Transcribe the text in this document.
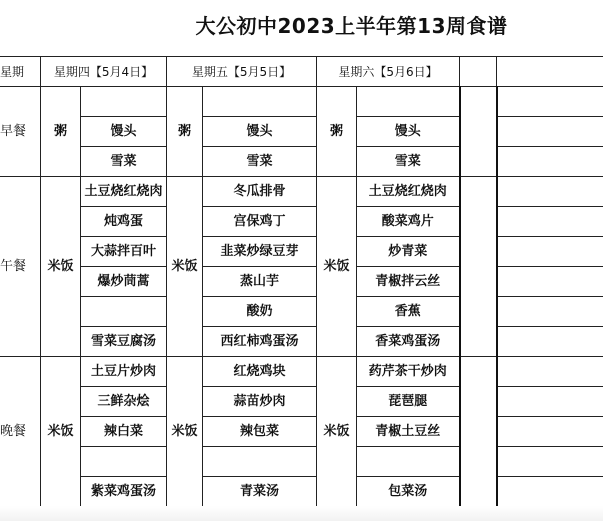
大公初中2023上半年第13周食谱
星期	星期四【5月4日】		星期五【5月5日】		星期六【5月6日】			
早餐	粥		粥		粥			
		馒头		馒头		馒头		
		雪菜		雪菜		雪菜		
午餐	米饭	土豆烧红烧肉	米饭	冬瓜排骨	米饭	土豆烧红烧肉		
		炖鸡蛋		宫保鸡丁		酸菜鸡片		
		大蒜拌百叶		韭菜炒绿豆芽		炒青菜		
		爆炒茼蒿		蒸山芋		青椒拌云丝		
				酸奶		香蕉		
		雪菜豆腐汤		西红柿鸡蛋汤		香菜鸡蛋汤		
晚餐	米饭	土豆片炒肉	米饭	红烧鸡块	米饭	药芹茶干炒肉		
		三鲜杂烩		蒜苗炒肉		琵琶腿		
		辣白菜		辣包菜		青椒土豆丝		

		紫菜鸡蛋汤		青菜汤		包菜汤		
